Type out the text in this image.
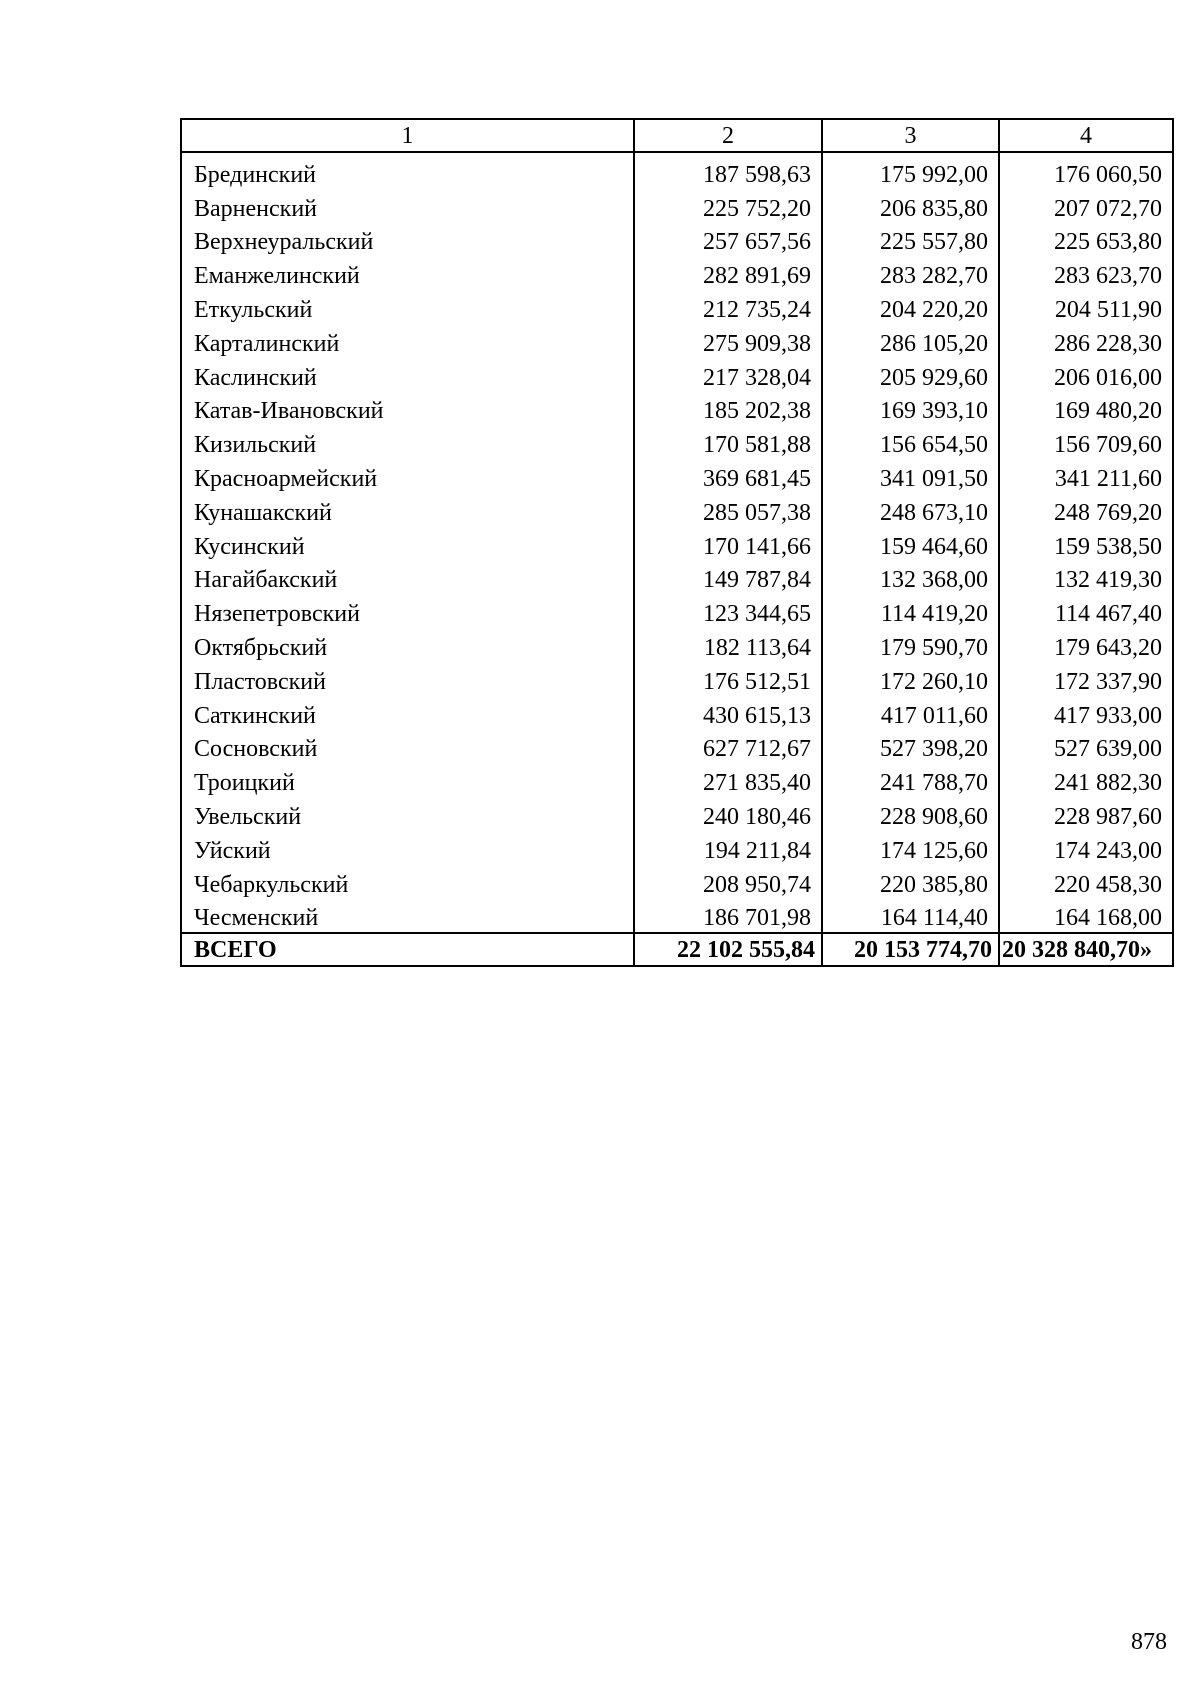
1	2	3	4
Брединский	187 598,63	175 992,00	176 060,50
Варненский	225 752,20	206 835,80	207 072,70
Верхнеуральский	257 657,56	225 557,80	225 653,80
Еманжелинский	282 891,69	283 282,70	283 623,70
Еткульский	212 735,24	204 220,20	204 511,90
Карталинский	275 909,38	286 105,20	286 228,30
Каслинский	217 328,04	205 929,60	206 016,00
Катав-Ивановский	185 202,38	169 393,10	169 480,20
Кизильский	170 581,88	156 654,50	156 709,60
Красноармейский	369 681,45	341 091,50	341 211,60
Кунашакский	285 057,38	248 673,10	248 769,20
Кусинский	170 141,66	159 464,60	159 538,50
Нагайбакский	149 787,84	132 368,00	132 419,30
Нязепетровский	123 344,65	114 419,20	114 467,40
Октябрьский	182 113,64	179 590,70	179 643,20
Пластовский	176 512,51	172 260,10	172 337,90
Саткинский	430 615,13	417 011,60	417 933,00
Сосновский	627 712,67	527 398,20	527 639,00
Троицкий	271 835,40	241 788,70	241 882,30
Увельский	240 180,46	228 908,60	228 987,60
Уйский	194 211,84	174 125,60	174 243,00
Чебаркульский	208 950,74	220 385,80	220 458,30
Чесменский	186 701,98	164 114,40	164 168,00
ВСЕГО	22 102 555,84	20 153 774,70	20 328 840,70»
878
